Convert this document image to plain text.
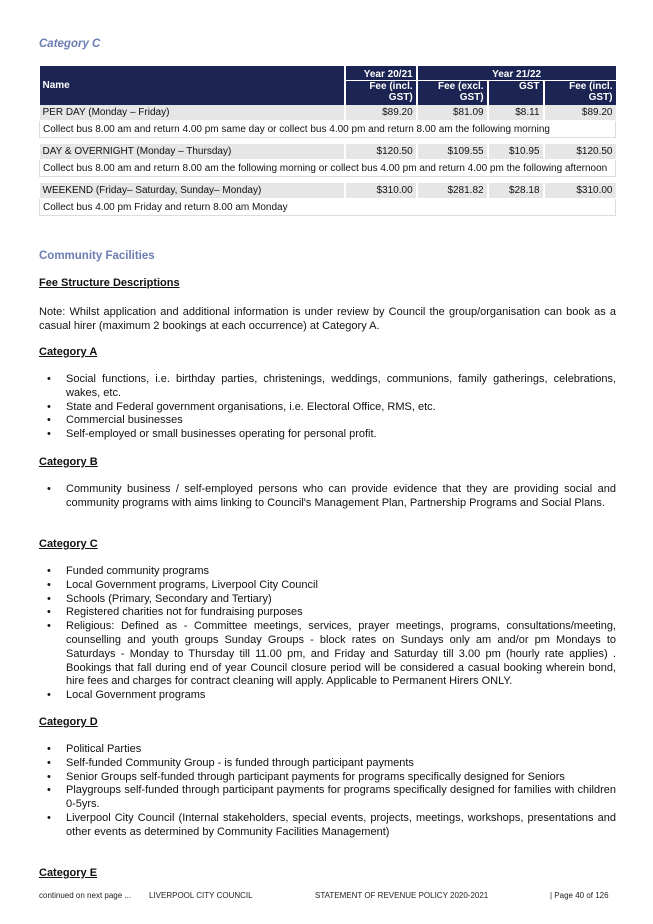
Category C
Name	Year 20/21	Year 21/22		
	Fee (incl. GST)	Fee (excl. GST)	GST	Fee (incl. GST)
PER DAY (Monday – Friday)	$89.20	$81.09	$8.11	$89.20
Collect bus 8.00 am and return 4.00 pm same day or collect bus 4.00 pm and return 8.00 am the following morning				

DAY & OVERNIGHT (Monday – Thursday)	$120.50	$109.55	$10.95	$120.50
Collect bus 8.00 am and return 8.00 am the following morning or collect bus 4.00 pm and return 4.00 pm the following afternoon				

WEEKEND (Friday– Saturday, Sunday– Monday)	$310.00	$281.82	$28.18	$310.00
Collect bus 4.00 pm Friday and return 8.00 am Monday				
Community Facilities
Fee Structure Descriptions
Note: Whilst application and additional information is under review by Council the group/organisation can book as a casual hirer (maximum 2 bookings at each occurrence) at Category A.
Category A
• Social functions, i.e. birthday parties, christenings, weddings, communions, family gatherings, celebrations, wakes, etc.
• State and Federal government organisations, i.e. Electoral Office, RMS, etc.
• Commercial businesses
• Self-employed or small businesses operating for personal profit.
Category B
• Community business / self-employed persons who can provide evidence that they are providing social and community programs with aims linking to Council's Management Plan, Partnership Programs and Social Plans.
Category C
• Funded community programs
• Local Government programs, Liverpool City Council
• Schools (Primary, Secondary and Tertiary)
• Registered charities not for fundraising purposes
• Religious: Defined as - Committee meetings, services, prayer meetings, programs, consultations/meeting, counselling and youth groups Sunday Groups - block rates on Sundays only am and/or pm Mondays to Saturdays - Monday to Thursday till 11.00 pm, and Friday and Saturday till 3.00 pm (hourly rate applies) . Bookings that fall during end of year Council closure period will be considered a casual booking wherein bond, hire fees and charges for contract cleaning will apply. Applicable to Permanent Hirers ONLY.
• Local Government programs
Category D
• Political Parties
• Self-funded Community Group - is funded through participant payments
• Senior Groups self-funded through participant payments for programs specifically designed for Seniors
• Playgroups self-funded through participant payments for programs specifically designed for families with children 0-5yrs.
• Liverpool City Council (Internal stakeholders, special events, projects, meetings, workshops, presentations and other events as determined by Community Facilities Management)
Category E
continued on next page ... LIVERPOOL CITY COUNCIL	STATEMENT OF REVENUE POLICY 2020-2021	| Page 40 of 126
